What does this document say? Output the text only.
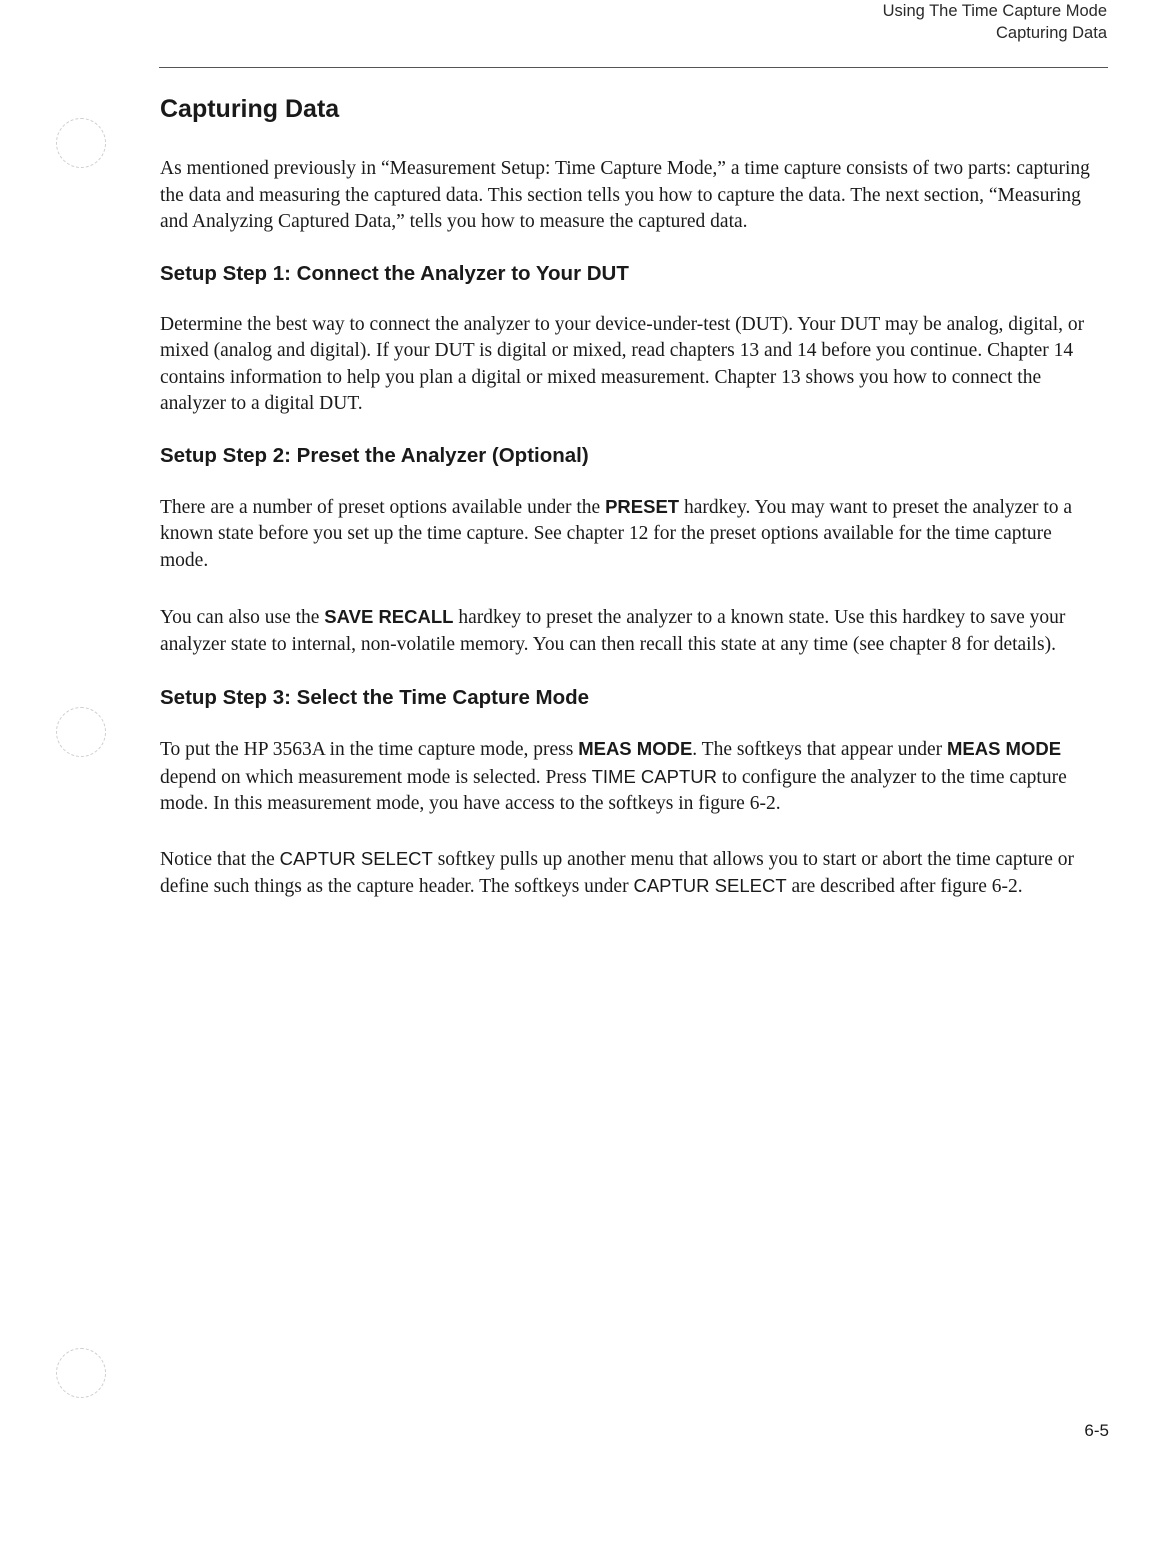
Using The Time Capture Mode
Capturing Data
Capturing Data

As mentioned previously in “Measurement Setup: Time Capture Mode,” a time capture consists of two parts: capturing the data and measuring the captured data. This section tells you how to capture the data. The next section, “Measuring and Analyzing Captured Data,” tells you how to measure the captured data.

Setup Step 1: Connect the Analyzer to Your DUT

Determine the best way to connect the analyzer to your device-under-test (DUT). Your DUT may be analog, digital, or mixed (analog and digital). If your DUT is digital or mixed, read chapters 13 and 14 before you continue. Chapter 14 contains information to help you plan a digital or mixed measurement. Chapter 13 shows you how to connect the analyzer to a digital DUT.

Setup Step 2: Preset the Analyzer (Optional)

There are a number of preset options available under the PRESET hardkey. You may want to preset the analyzer to a known state before you set up the time capture. See chapter 12 for the preset options available for the time capture mode.

You can also use the SAVE RECALL hardkey to preset the analyzer to a known state. Use this hardkey to save your analyzer state to internal, non-volatile memory. You can then recall this state at any time (see chapter 8 for details).

Setup Step 3: Select the Time Capture Mode

To put the HP 3563A in the time capture mode, press MEAS MODE. The softkeys that appear under MEAS MODE depend on which measurement mode is selected. Press TIME CAPTUR to configure the analyzer to the time capture mode. In this measurement mode, you have access to the softkeys in figure 6-2.

Notice that the CAPTUR SELECT softkey pulls up another menu that allows you to start or abort the time capture or define such things as the capture header. The softkeys under CAPTUR SELECT are described after figure 6-2.

6-5
